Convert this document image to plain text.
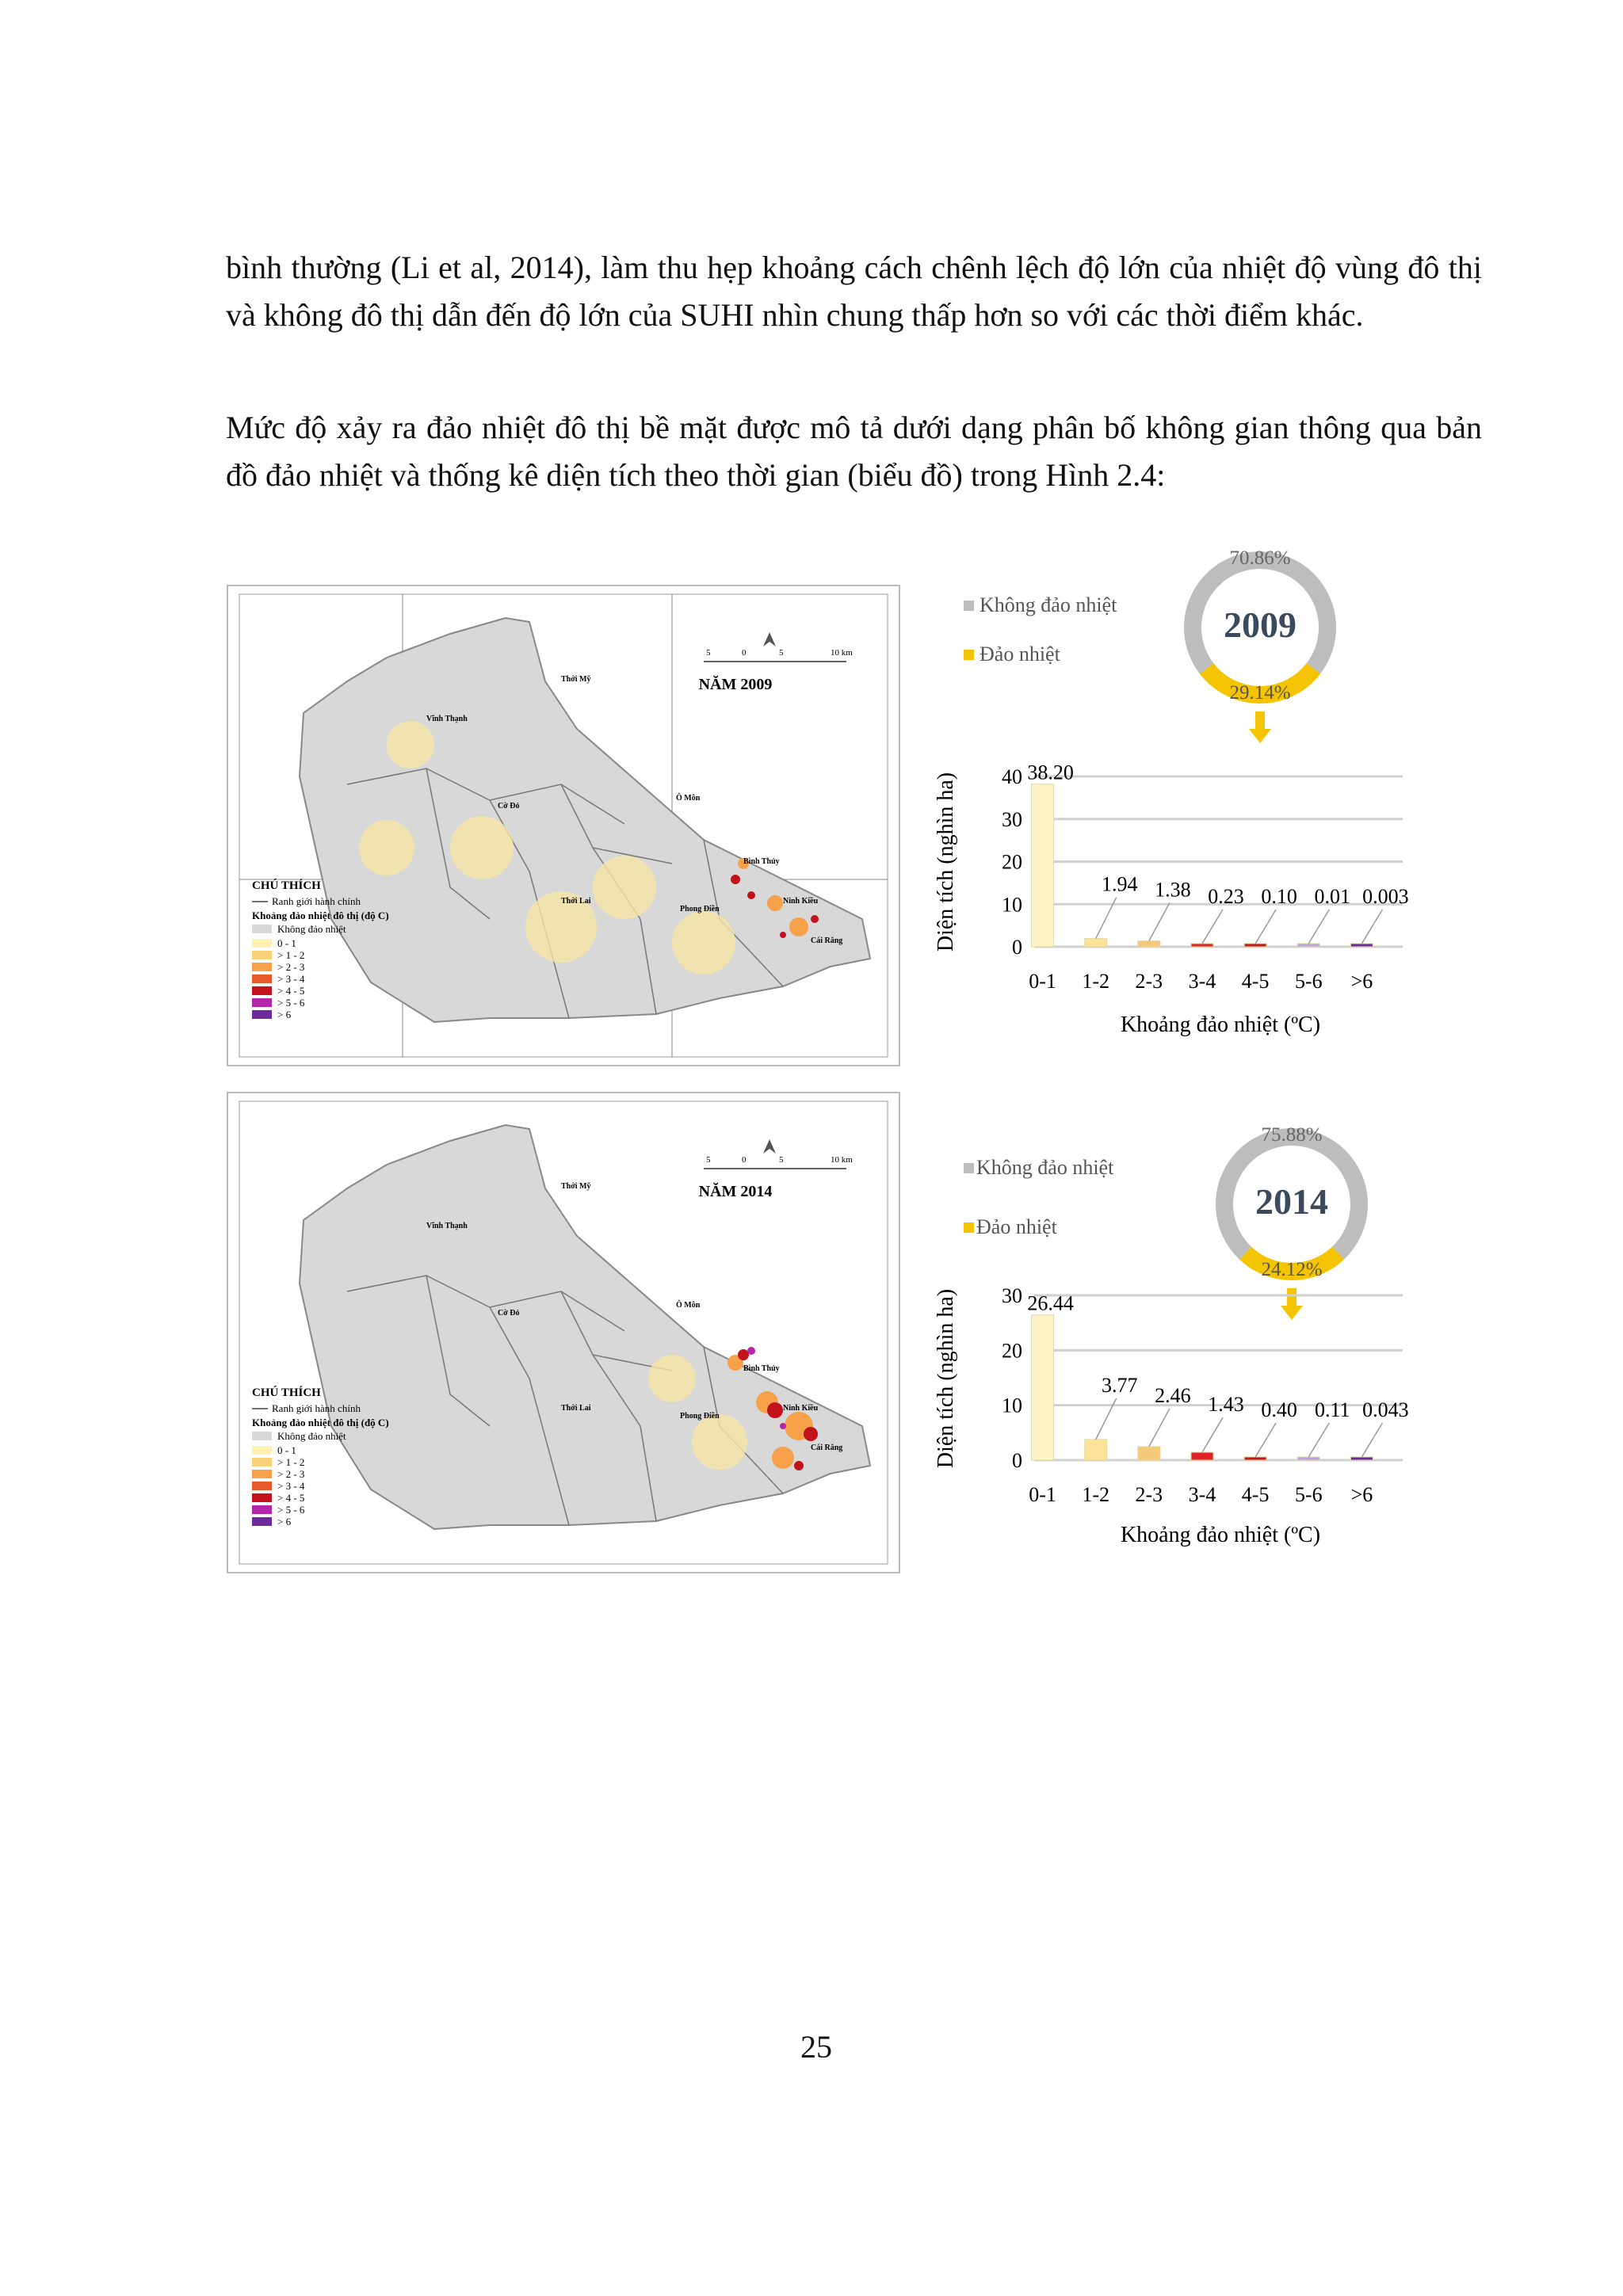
bình thường (Li et al, 2014), làm thu hẹp khoảng cách chênh lệch độ lớn của nhiệt độ vùng đô thị và không đô thị dẫn đến độ lớn của SUHI nhìn chung thấp hơn so với các thời điểm khác.

Mức độ xảy ra đảo nhiệt đô thị bề mặt được mô tả dưới dạng phân bố không gian thông qua bản đồ đảo nhiệt và thống kê diện tích theo thời gian (biểu đồ) trong Hình 2.4:

NĂM 2009
5	0	5	10 km
Thới Mỹ
Vĩnh Thạnh
Cờ Đỏ
Ô Môn
Bình Thủy
Ninh Kiều
Thới Lai
Phong Điền
Cái Răng
CHÚ THÍCH
Ranh giới hành chính
Khoảng đảo nhiệt đô thị (độ C)
Không đảo nhiệt
0 - 1
> 1 - 2
> 2 - 3
> 3 - 4
> 4 - 5
> 5 - 6
> 6
Không đảo nhiệt
Đảo nhiệt
2009
70.86%
29.14%
0
10
20
30
40
0-1
38.20
1-2
1.94
2-3
1.38
3-4
0.23
4-5
0.10
5-6
0.01
>6
0.003
Diện tích (nghìn ha)
Khoảng đảo nhiệt (ºC)
NĂM 2014
5	0	5	10 km
Thới Mỹ
Vĩnh Thạnh
Cờ Đỏ
Ô Môn
Bình Thủy
Ninh Kiều
Thới Lai
Phong Điền
Cái Răng
CHÚ THÍCH
Ranh giới hành chính
Khoảng đảo nhiệt đô thị (độ C)
Không đảo nhiệt
0 - 1
> 1 - 2
> 2 - 3
> 3 - 4
> 4 - 5
> 5 - 6
> 6
Không đảo nhiệt
Đảo nhiệt
2014
75.88%
24.12%
0
10
20
30
0-1
26.44
1-2
3.77
2-3
2.46
3-4
1.43
4-5
0.40
5-6
0.11
>6
0.043
Diện tích (nghìn ha)
Khoảng đảo nhiệt (ºC)
25
